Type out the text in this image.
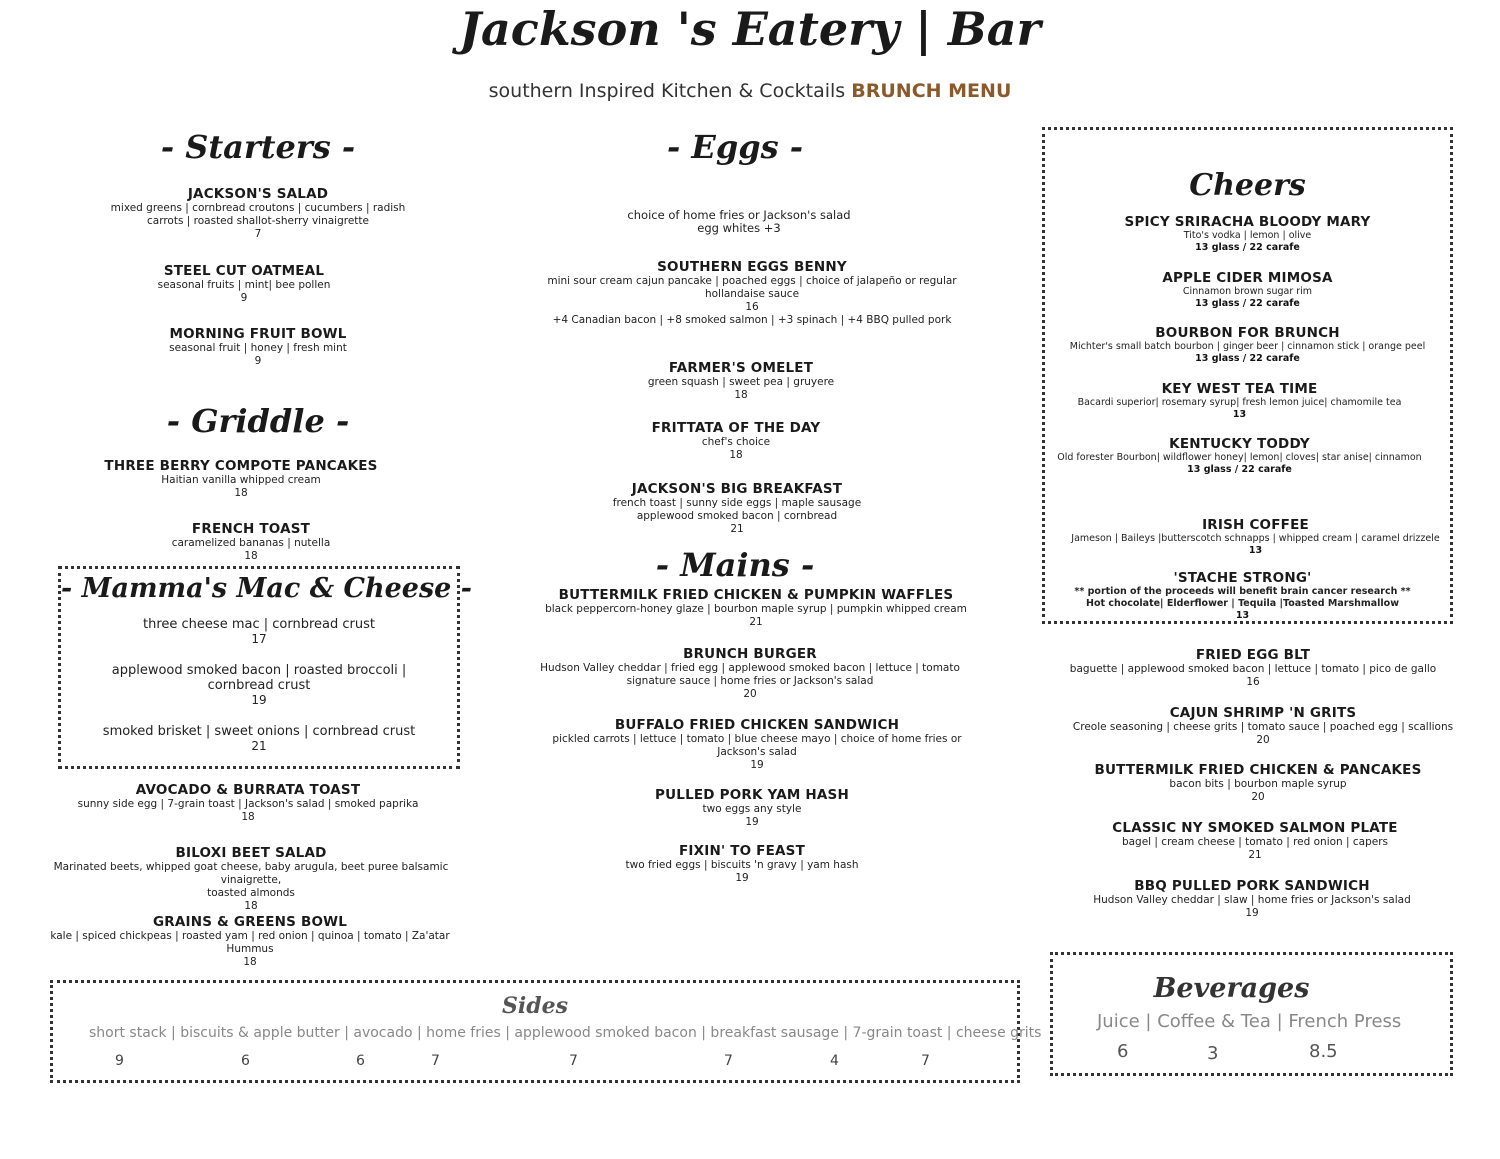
Jackson 's Eatery | Bar
southern Inspired Kitchen & Cocktails BRUNCH MENU
- Starters -
JACKSON'S SALAD
mixed greens | cornbread croutons | cucumbers | radish
carrots | roasted shallot-sherry vinaigrette
7
STEEL CUT OATMEAL
seasonal fruits | mint| bee pollen
9
MORNING FRUIT BOWL
seasonal fruit | honey | fresh mint
9
- Griddle -
THREE BERRY COMPOTE PANCAKES
Haitian vanilla whipped cream
18
FRENCH TOAST
caramelized bananas | nutella
18
- Mamma's Mac & Cheese -
three cheese mac | cornbread crust
17
applewood smoked bacon | roasted broccoli |
cornbread crust
19
smoked brisket | sweet onions | cornbread crust
21
AVOCADO & BURRATA TOAST
sunny side egg | 7-grain toast | Jackson's salad | smoked paprika
18
BILOXI BEET SALAD
Marinated beets, whipped goat cheese, baby arugula, beet puree balsamic vinaigrette,
toasted almonds
18
GRAINS & GREENS BOWL
kale | spiced chickpeas | roasted yam | red onion | quinoa | tomato | Za'atar
Hummus
18
- Eggs -
choice of home fries or Jackson's salad
egg whites +3
SOUTHERN EGGS BENNY
mini sour cream cajun pancake | poached eggs | choice of jalapeño or regular
hollandaise sauce
16
+4 Canadian bacon | +8 smoked salmon | +3 spinach | +4 BBQ pulled pork
FARMER'S OMELET
green squash | sweet pea | gruyere
18
FRITTATA OF THE DAY
chef's choice
18
JACKSON'S BIG BREAKFAST
french toast | sunny side eggs | maple sausage
applewood smoked bacon | cornbread
21
- Mains -
BUTTERMILK FRIED CHICKEN & PUMPKIN WAFFLES
black peppercorn-honey glaze | bourbon maple syrup | pumpkin whipped cream
21
BRUNCH BURGER
Hudson Valley cheddar | fried egg | applewood smoked bacon | lettuce | tomato
signature sauce | home fries or Jackson's salad
20
BUFFALO FRIED CHICKEN SANDWICH
pickled carrots | lettuce | tomato | blue cheese mayo | choice of home fries or
Jackson's salad
19
PULLED PORK YAM HASH
two eggs any style
19
FIXIN' TO FEAST
two fried eggs | biscuits 'n gravy | yam hash
19
Cheers
SPICY SRIRACHA BLOODY MARY
Tito's vodka | lemon | olive
13 glass / 22 carafe
APPLE CIDER MIMOSA
Cinnamon brown sugar rim
13 glass / 22 carafe
BOURBON FOR BRUNCH
Michter's small batch bourbon | ginger beer | cinnamon stick | orange peel
13 glass / 22 carafe
KEY WEST TEA TIME
Bacardi superior| rosemary syrup| fresh lemon juice| chamomile tea
13
KENTUCKY TODDY
Old forester Bourbon| wildflower honey| lemon| cloves| star anise| cinnamon
13 glass / 22 carafe
IRISH COFFEE
Jameson | Baileys |butterscotch schnapps | whipped cream | caramel drizzele
13
'STACHE STRONG'
** portion of the proceeds will benefit brain cancer research **
Hot chocolate| Elderflower | Tequila |Toasted Marshmallow
13
FRIED EGG BLT
baguette | applewood smoked bacon | lettuce | tomato | pico de gallo
16
CAJUN SHRIMP 'N GRITS
Creole seasoning | cheese grits | tomato sauce | poached egg | scallions
20
BUTTERMILK FRIED CHICKEN & PANCAKES
bacon bits | bourbon maple syrup
20
CLASSIC NY SMOKED SALMON PLATE
bagel | cream cheese | tomato | red onion | capers
21
BBQ PULLED PORK SANDWICH
Hudson Valley cheddar | slaw | home fries or Jackson's salad
19
Sides
short stack | biscuits & apple butter | avocado | home fries | applewood smoked bacon | breakfast sausage | 7-grain toast | cheese grits
9	6	6	7	7	7	4	7
Beverages
Juice | Coffee & Tea | French Press
6	3	8.5
